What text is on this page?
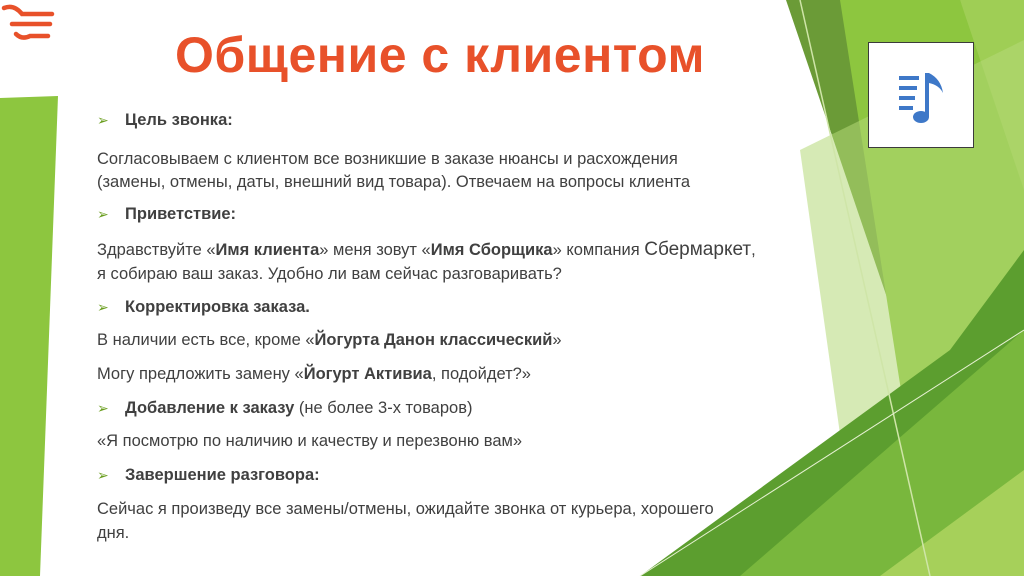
Общение с клиентом
➢ Цель звонка:
Согласовываем с клиентом все возникшие в заказе нюансы и расхождения
(замены, отмены, даты, внешний вид товара). Отвечаем на вопросы клиента
➢ Приветствие:
Здравствуйте «Имя клиента» меня зовут «Имя Сборщика» компания Сбермаркет,
я собираю ваш заказ. Удобно ли вам сейчас разговаривать?
➢ Корректировка заказа.
В наличии есть все, кроме «Йогурта Данон классический»
Могу предложить замену «Йогурт Активиа, подойдет?»
➢ Добавление к заказу (не более 3-х товаров)
«Я посмотрю по наличию и качеству и перезвоню вам»
➢ Завершение разговора:
Сейчас я произведу все замены/отмены, ожидайте звонка от курьера, хорошего
дня.
